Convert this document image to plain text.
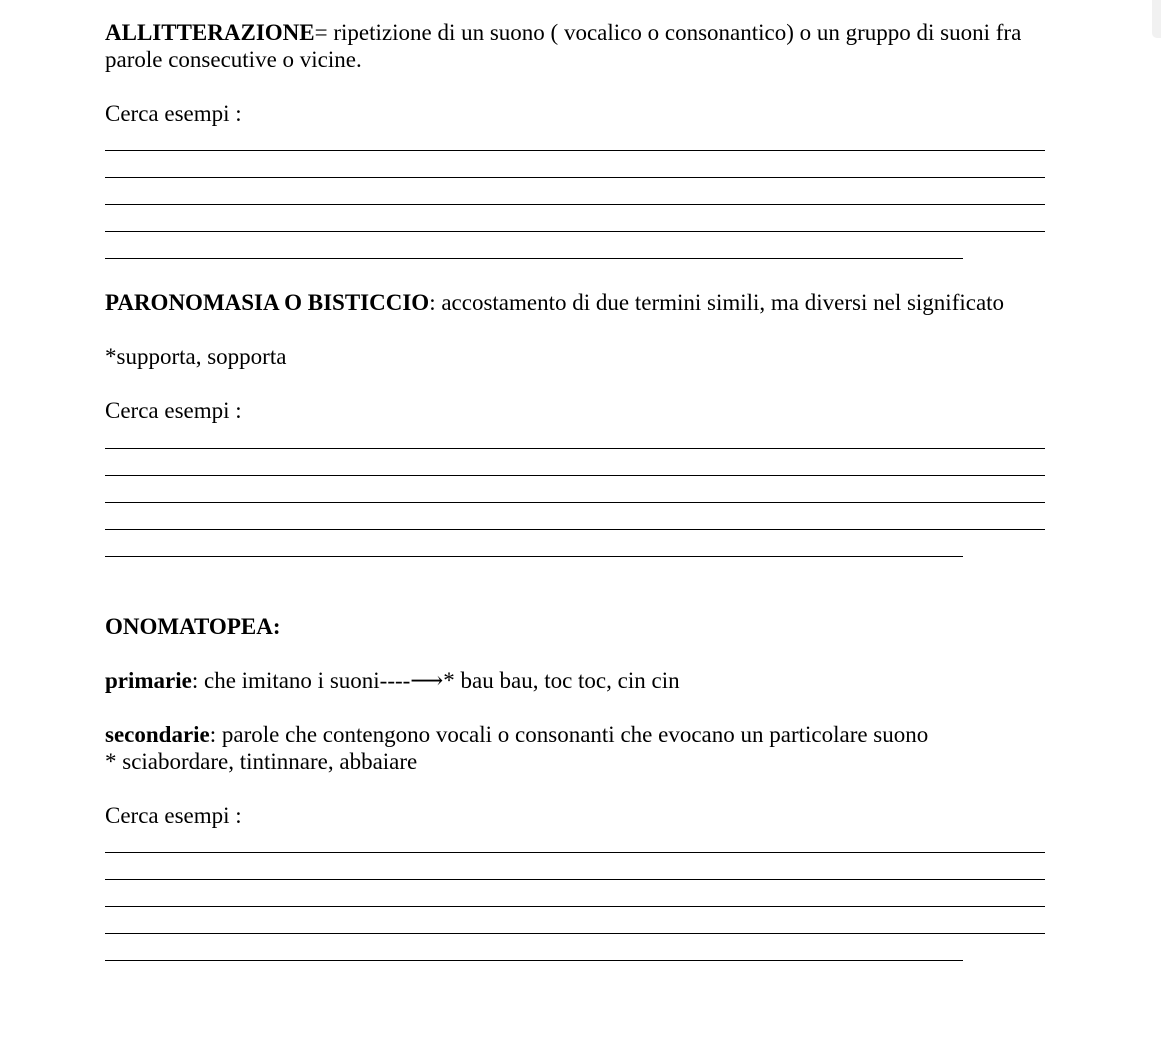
ALLITTERAZIONE= ripetizione di un suono ( vocalico o consonantico) o un gruppo di suoni fra

parole consecutive o vicine.

Cerca esempi :

PARONOMASIA O BISTICCIO: accostamento di due termini simili, ma diversi nel significato

*supporta, sopporta

Cerca esempi :

ONOMATOPEA:

primarie: che imitano i suoni----⟶* bau bau, toc toc, cin cin

secondarie: parole che contengono vocali o consonanti che evocano un particolare suono

* sciabordare, tintinnare, abbaiare

Cerca esempi :
